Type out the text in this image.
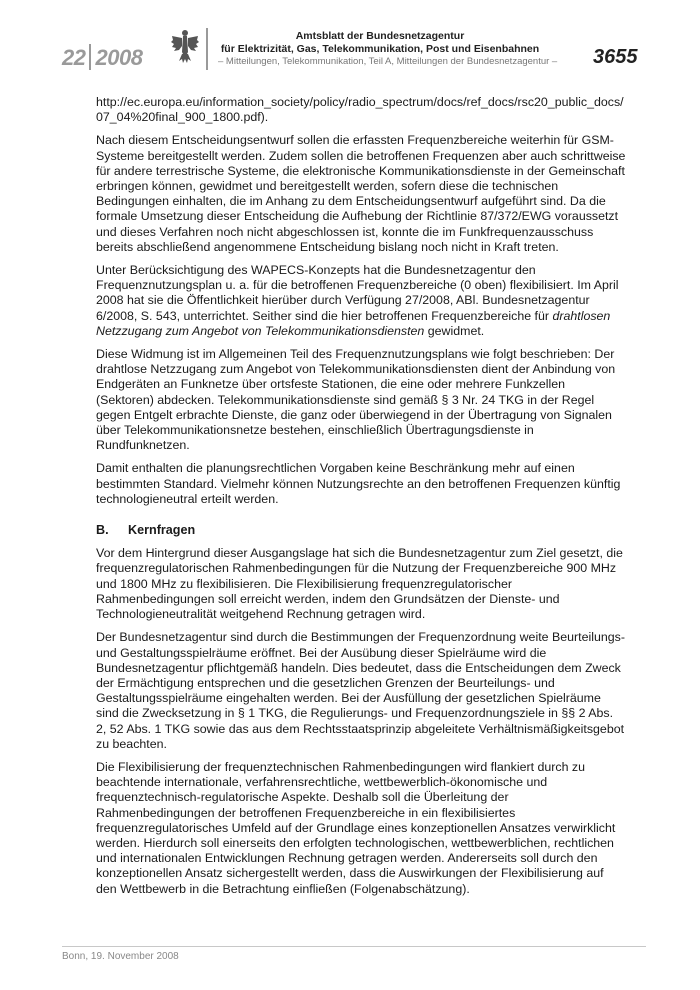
22 2008
Amtsblatt der Bundesnetzagentur
für Elektrizität, Gas, Telekommunikation, Post und Eisenbahnen
– Mitteilungen, Telekommunikation, Teil A, Mitteilungen der Bundesnetzagentur – 3655

http://ec.europa.eu/information_society/policy/radio_spectrum/docs/ref_docs/rsc20_public_docs/07_04%20final_900_1800.pdf).

Nach diesem Entscheidungsentwurf sollen die erfassten Frequenzbereiche weiterhin für GSM-Systeme bereitgestellt werden. Zudem sollen die betroffenen Frequenzen aber auch schrittweise für andere terrestrische Systeme, die elektronische Kommunikationsdienste in der Gemeinschaft erbringen können, gewidmet und bereitgestellt werden, sofern diese die technischen Bedingungen einhalten, die im Anhang zu dem Entscheidungsentwurf aufgeführt sind. Da die formale Umsetzung dieser Entscheidung die Aufhebung der Richtlinie 87/372/EWG voraussetzt und dieses Verfahren noch nicht abgeschlossen ist, konnte die im Funkfrequenzausschuss bereits abschließend angenommene Entscheidung bislang noch nicht in Kraft treten.

Unter Berücksichtigung des WAPECS-Konzepts hat die Bundesnetzagentur den Frequenznutzungsplan u. a. für die betroffenen Frequenzbereiche (0 oben) flexibilisiert. Im April 2008 hat sie die Öffentlichkeit hierüber durch Verfügung 27/2008, ABl. Bundesnetzagentur 6/2008, S. 543, unterrichtet. Seither sind die hier betroffenen Frequenzbereiche für drahtlosen Netzzugang zum Angebot von Telekommunikationsdiensten gewidmet.

Diese Widmung ist im Allgemeinen Teil des Frequenznutzungsplans wie folgt beschrieben: Der drahtlose Netzzugang zum Angebot von Telekommunikationsdiensten dient der Anbindung von Endgeräten an Funknetze über ortsfeste Stationen, die eine oder mehrere Funkzellen (Sektoren) abdecken. Telekommunikationsdienste sind gemäß § 3 Nr. 24 TKG in der Regel gegen Entgelt erbrachte Dienste, die ganz oder überwiegend in der Übertragung von Signalen über Telekommunikationsnetze bestehen, einschließlich Übertragungsdienste in Rundfunknetzen.

Damit enthalten die planungsrechtlichen Vorgaben keine Beschränkung mehr auf einen bestimmten Standard. Vielmehr können Nutzungsrechte an den betroffenen Frequenzen künftig technologieneutral erteilt werden.

B. Kernfragen

Vor dem Hintergrund dieser Ausgangslage hat sich die Bundesnetzagentur zum Ziel gesetzt, die frequenzregulatorischen Rahmenbedingungen für die Nutzung der Frequenzbereiche 900 MHz und 1800 MHz zu flexibilisieren. Die Flexibilisierung frequenzregulatorischer Rahmenbedingungen soll erreicht werden, indem den Grundsätzen der Dienste- und Technologieneutralität weitgehend Rechnung getragen wird.

Der Bundesnetzagentur sind durch die Bestimmungen der Frequenzordnung weite Beurteilungs- und Gestaltungsspielräume eröffnet. Bei der Ausübung dieser Spielräume wird die Bundesnetzagentur pflichtgemäß handeln. Dies bedeutet, dass die Entscheidungen dem Zweck der Ermächtigung entsprechen und die gesetzlichen Grenzen der Beurteilungs- und Gestaltungsspielräume eingehalten werden. Bei der Ausfüllung der gesetzlichen Spielräume sind die Zwecksetzung in § 1 TKG, die Regulierungs- und Frequenzordnungsziele in §§ 2 Abs. 2, 52 Abs. 1 TKG sowie das aus dem Rechtsstaatsprinzip abgeleitete Verhältnismäßigkeitsgebot zu beachten.

Die Flexibilisierung der frequenztechnischen Rahmenbedingungen wird flankiert durch zu beachtende internationale, verfahrensrechtliche, wettbewerblich-ökonomische und frequenztechnisch-regulatorische Aspekte. Deshalb soll die Überleitung der Rahmenbedingungen der betroffenen Frequenzbereiche in ein flexibilisiertes frequenzregulatorisches Umfeld auf der Grundlage eines konzeptionellen Ansatzes verwirklicht werden. Hierdurch soll einerseits den erfolgten technologischen, wettbewerblichen, rechtlichen und internationalen Entwicklungen Rechnung getragen werden. Andererseits soll durch den konzeptionellen Ansatz sichergestellt werden, dass die Auswirkungen der Flexibilisierung auf den Wettbewerb in die Betrachtung einfließen (Folgenabschätzung).

Bonn, 19. November 2008
